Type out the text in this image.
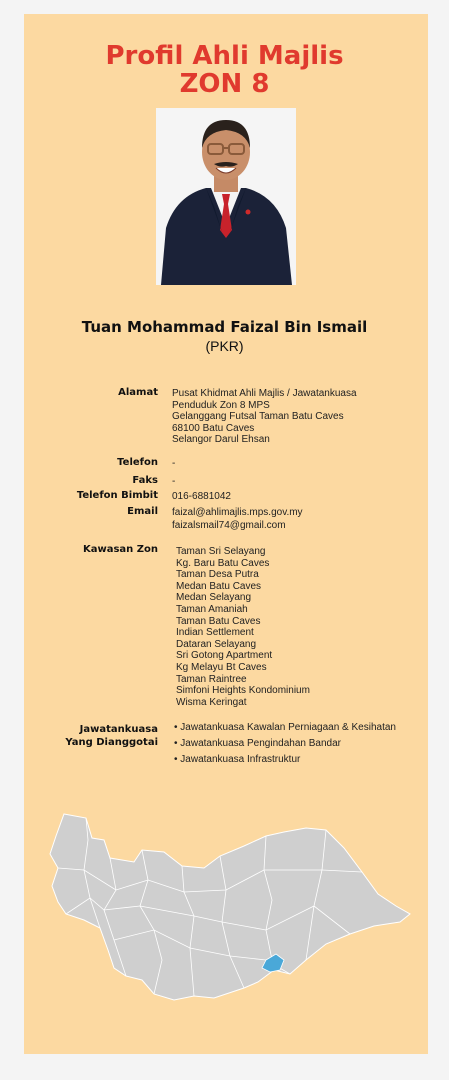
Profil Ahli Majlis
ZON 8
Tuan Mohammad Faizal Bin Ismail
(PKR)
Alamat Pusat Khidmat Ahli Majlis / Jawatankuasa
Penduduk Zon 8 MPS
Gelanggang Futsal Taman Batu Caves
68100 Batu Caves
Selangor Darul Ehsan
Telefon -
Faks -
Telefon Bimbit 016-6881042
Email faizal@ahlimajlis.mps.gov.my
faizalsmail74@gmail.com
Kawasan Zon Taman Sri Selayang
Kg. Baru Batu Caves
Taman Desa Putra
Medan Batu Caves
Medan Selayang
Taman Amaniah
Taman Batu Caves
Indian Settlement
Dataran Selayang
Sri Gotong Apartment
Kg Melayu Bt Caves
Taman Raintree
Simfoni Heights Kondominium
Wisma Keringat
Jawatankuasa
Yang Dianggotai
• Jawatankuasa Kawalan Perniagaan & Kesihatan
• Jawatankuasa Pengindahan Bandar
• Jawatankuasa Infrastruktur
